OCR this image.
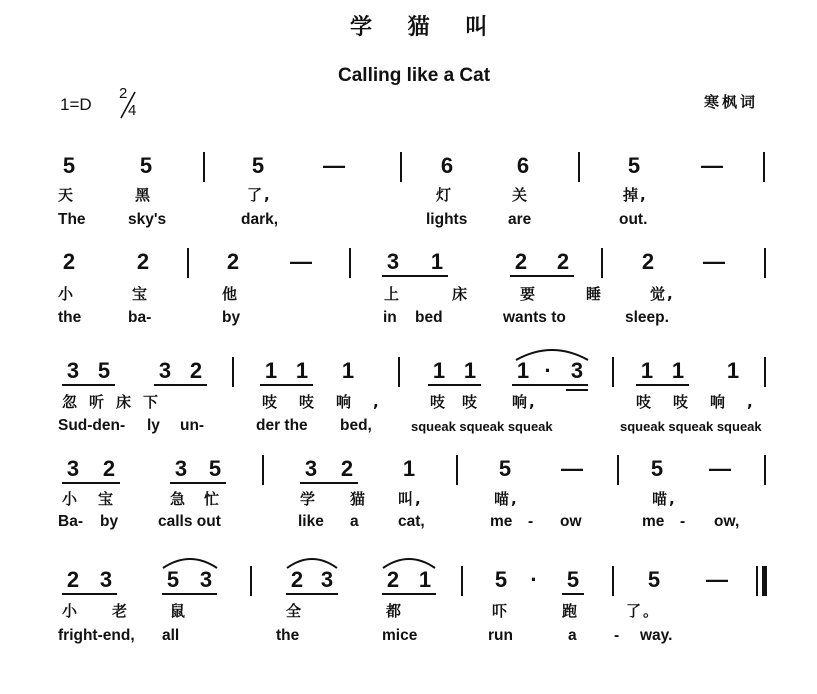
学 猫 叫
Calling like a Cat
1=D
2
4	寒枫词
5	5	5	—	6	6	5	—
天 黑	了,	灯 关	掉,
The	sky's	dark,	lights	are	out.
2	2	2 —	3 1	2 2	2 —
小 宝	他	上 床 要 睡 觉,
the	ba-	by	in bed	wants to	sleep.
3 5 3 2	1 1 1	1 1 1 · 3	1 1 1
忽听床下	吱吱响, 吱吱 响,	吱吱响,
Sud-den- ly un-	der the bed,	squeak squeak squeak	squeak squeak squeak
3 2	3 5	3 2 1	5 —	5 —
小
宝 急
忙	学 猫 叫,	喵,	喵,
Ba- by	calls out	like a	cat,	me - ow	me - ow,
2 3 5 3	2 3 2 1	5 · 5	5 —
小 老 鼠	全	都	吓 跑 了。
fright-end, all	the	mice	run	a - way.
